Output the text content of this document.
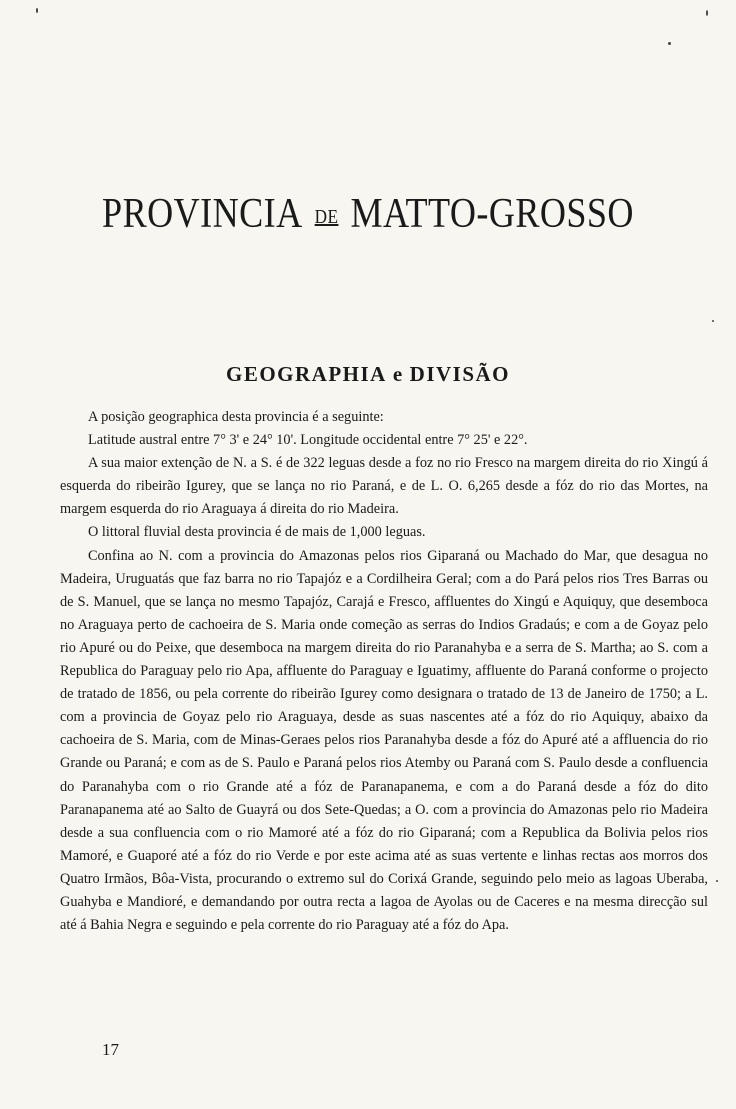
PROVINCIA DE MATTO-GROSSO
GEOGRAPHIA e DIVISÃO

A posição geographica desta provincia é a seguinte:

Latitude austral entre 7° 3' e 24° 10'. Longitude occidental entre 7° 25' e 22°.

A sua maior extenção de N. a S. é de 322 leguas desde a foz no rio Fresco na margem direita do rio Xingú á esquerda do ribeirão Igurey, que se lança no rio Paraná, e de L. O. 6,265 desde a fóz do rio das Mortes, na margem esquerda do rio Araguaya á direita do rio Madeira.

O littoral fluvial desta provincia é de mais de 1,000 leguas.

Confina ao N. com a provincia do Amazonas pelos rios Giparaná ou Machado do Mar, que desagua no Madeira, Uruguatás que faz barra no rio Tapajóz e a Cordilheira Geral; com a do Pará pelos rios Tres Barras ou de S. Manuel, que se lança no mesmo Tapajóz, Carajá e Fresco, affluentes do Xingú e Aquiquy, que desemboca no Araguaya perto de cachoeira de S. Maria onde começão as serras do Indios Gradaús; e com a de Goyaz pelo rio Apuré ou do Peixe, que desemboca na margem direita do rio Paranahyba e a serra de S. Martha; ao S. com a Republica do Paraguay pelo rio Apa, affluente do Paraguay e Iguatimy, affluente do Paraná conforme o projecto de tratado de 1856, ou pela corrente do ribeirão Igurey como designara o tratado de 13 de Janeiro de 1750; a L. com a provincia de Goyaz pelo rio Araguaya, desde as suas nascentes até a fóz do rio Aquiquy, abaixo da cachoeira de S. Maria, com de Minas-Geraes pelos rios Paranahyba desde a fóz do Apuré até a affluencia do rio Grande ou Paraná; e com as de S. Paulo e Paraná pelos rios Atemby ou Paraná com S. Paulo desde a confluencia do Paranahyba com o rio Grande até a fóz de Paranapanema, e com a do Paraná desde a fóz do dito Paranapanema até ao Salto de Guayrá ou dos Sete-Quedas; a O. com a provincia do Amazonas pelo rio Madeira desde a sua confluencia com o rio Mamoré até a fóz do rio Giparaná; com a Republica da Bolivia pelos rios Mamoré, e Guaporé até a fóz do rio Verde e por este acima até as suas vertente e linhas rectas aos morros dos Quatro Irmãos, Bôa-Vista, procurando o extremo sul do Corixá Grande, seguindo pelo meio as lagoas Uberaba, Guahyba e Mandioré, e demandando por outra recta a lagoa de Ayolas ou de Caceres e na mesma direcção sul até á Bahia Negra e seguindo e pela corrente do rio Paraguay até a fóz do Apa.

17
